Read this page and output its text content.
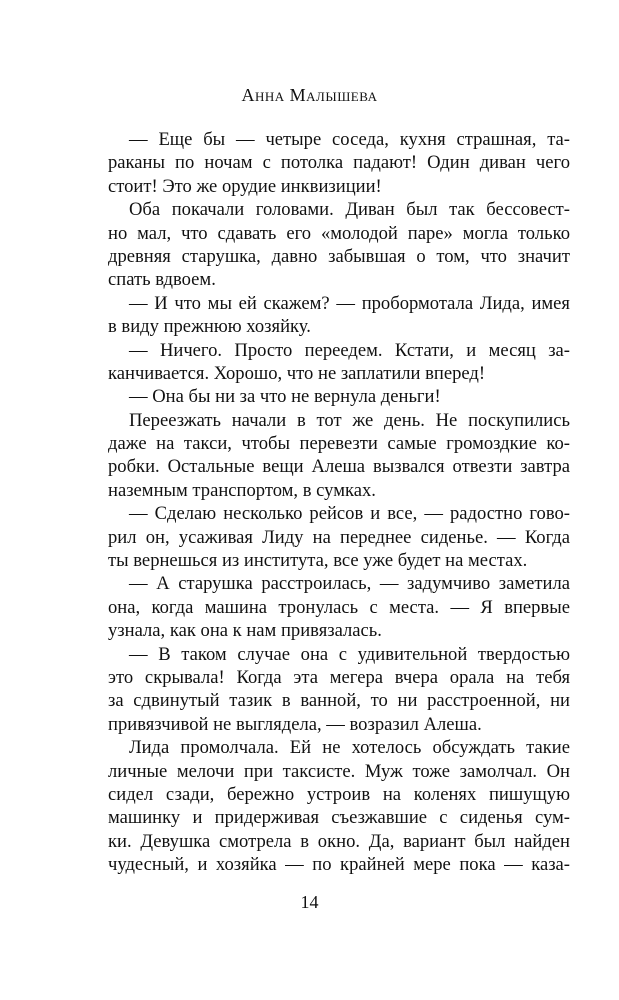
Анна Малышева
— Еще бы — четыре соседа, кухня страшная, та-
раканы по ночам с потолка падают! Один диван чего
стоит! Это же орудие инквизиции!
Оба покачали головами. Диван был так бессовест-
но мал, что сдавать его «молодой паре» могла только
древняя старушка, давно забывшая о том, что значит
спать вдвоем.
— И что мы ей скажем? — пробормотала Лида, имея
в виду прежнюю хозяйку.
— Ничего. Просто переедем. Кстати, и месяц за-
канчивается. Хорошо, что не заплатили вперед!
— Она бы ни за что не вернула деньги!
Переезжать начали в тот же день. Не поскупились
даже на такси, чтобы перевезти самые громоздкие ко-
робки. Остальные вещи Алеша вызвался отвезти завтра
наземным транспортом, в сумках.
— Сделаю несколько рейсов и все, — радостно гово-
рил он, усаживая Лиду на переднее сиденье. — Когда
ты вернешься из института, все уже будет на местах.
— А старушка расстроилась, — задумчиво заметила
она, когда машина тронулась с места. — Я впервые
узнала, как она к нам привязалась.
— В таком случае она с удивительной твердостью
это скрывала! Когда эта мегера вчера орала на тебя
за сдвинутый тазик в ванной, то ни расстроенной, ни
привязчивой не выглядела, — возразил Алеша.
Лида промолчала. Ей не хотелось обсуждать такие
личные мелочи при таксисте. Муж тоже замолчал. Он
сидел сзади, бережно устроив на коленях пишущую
машинку и придерживая съезжавшие с сиденья сум-
ки. Девушка смотрела в окно. Да, вариант был найден
чудесный, и хозяйка — по крайней мере пока — каза-
14
